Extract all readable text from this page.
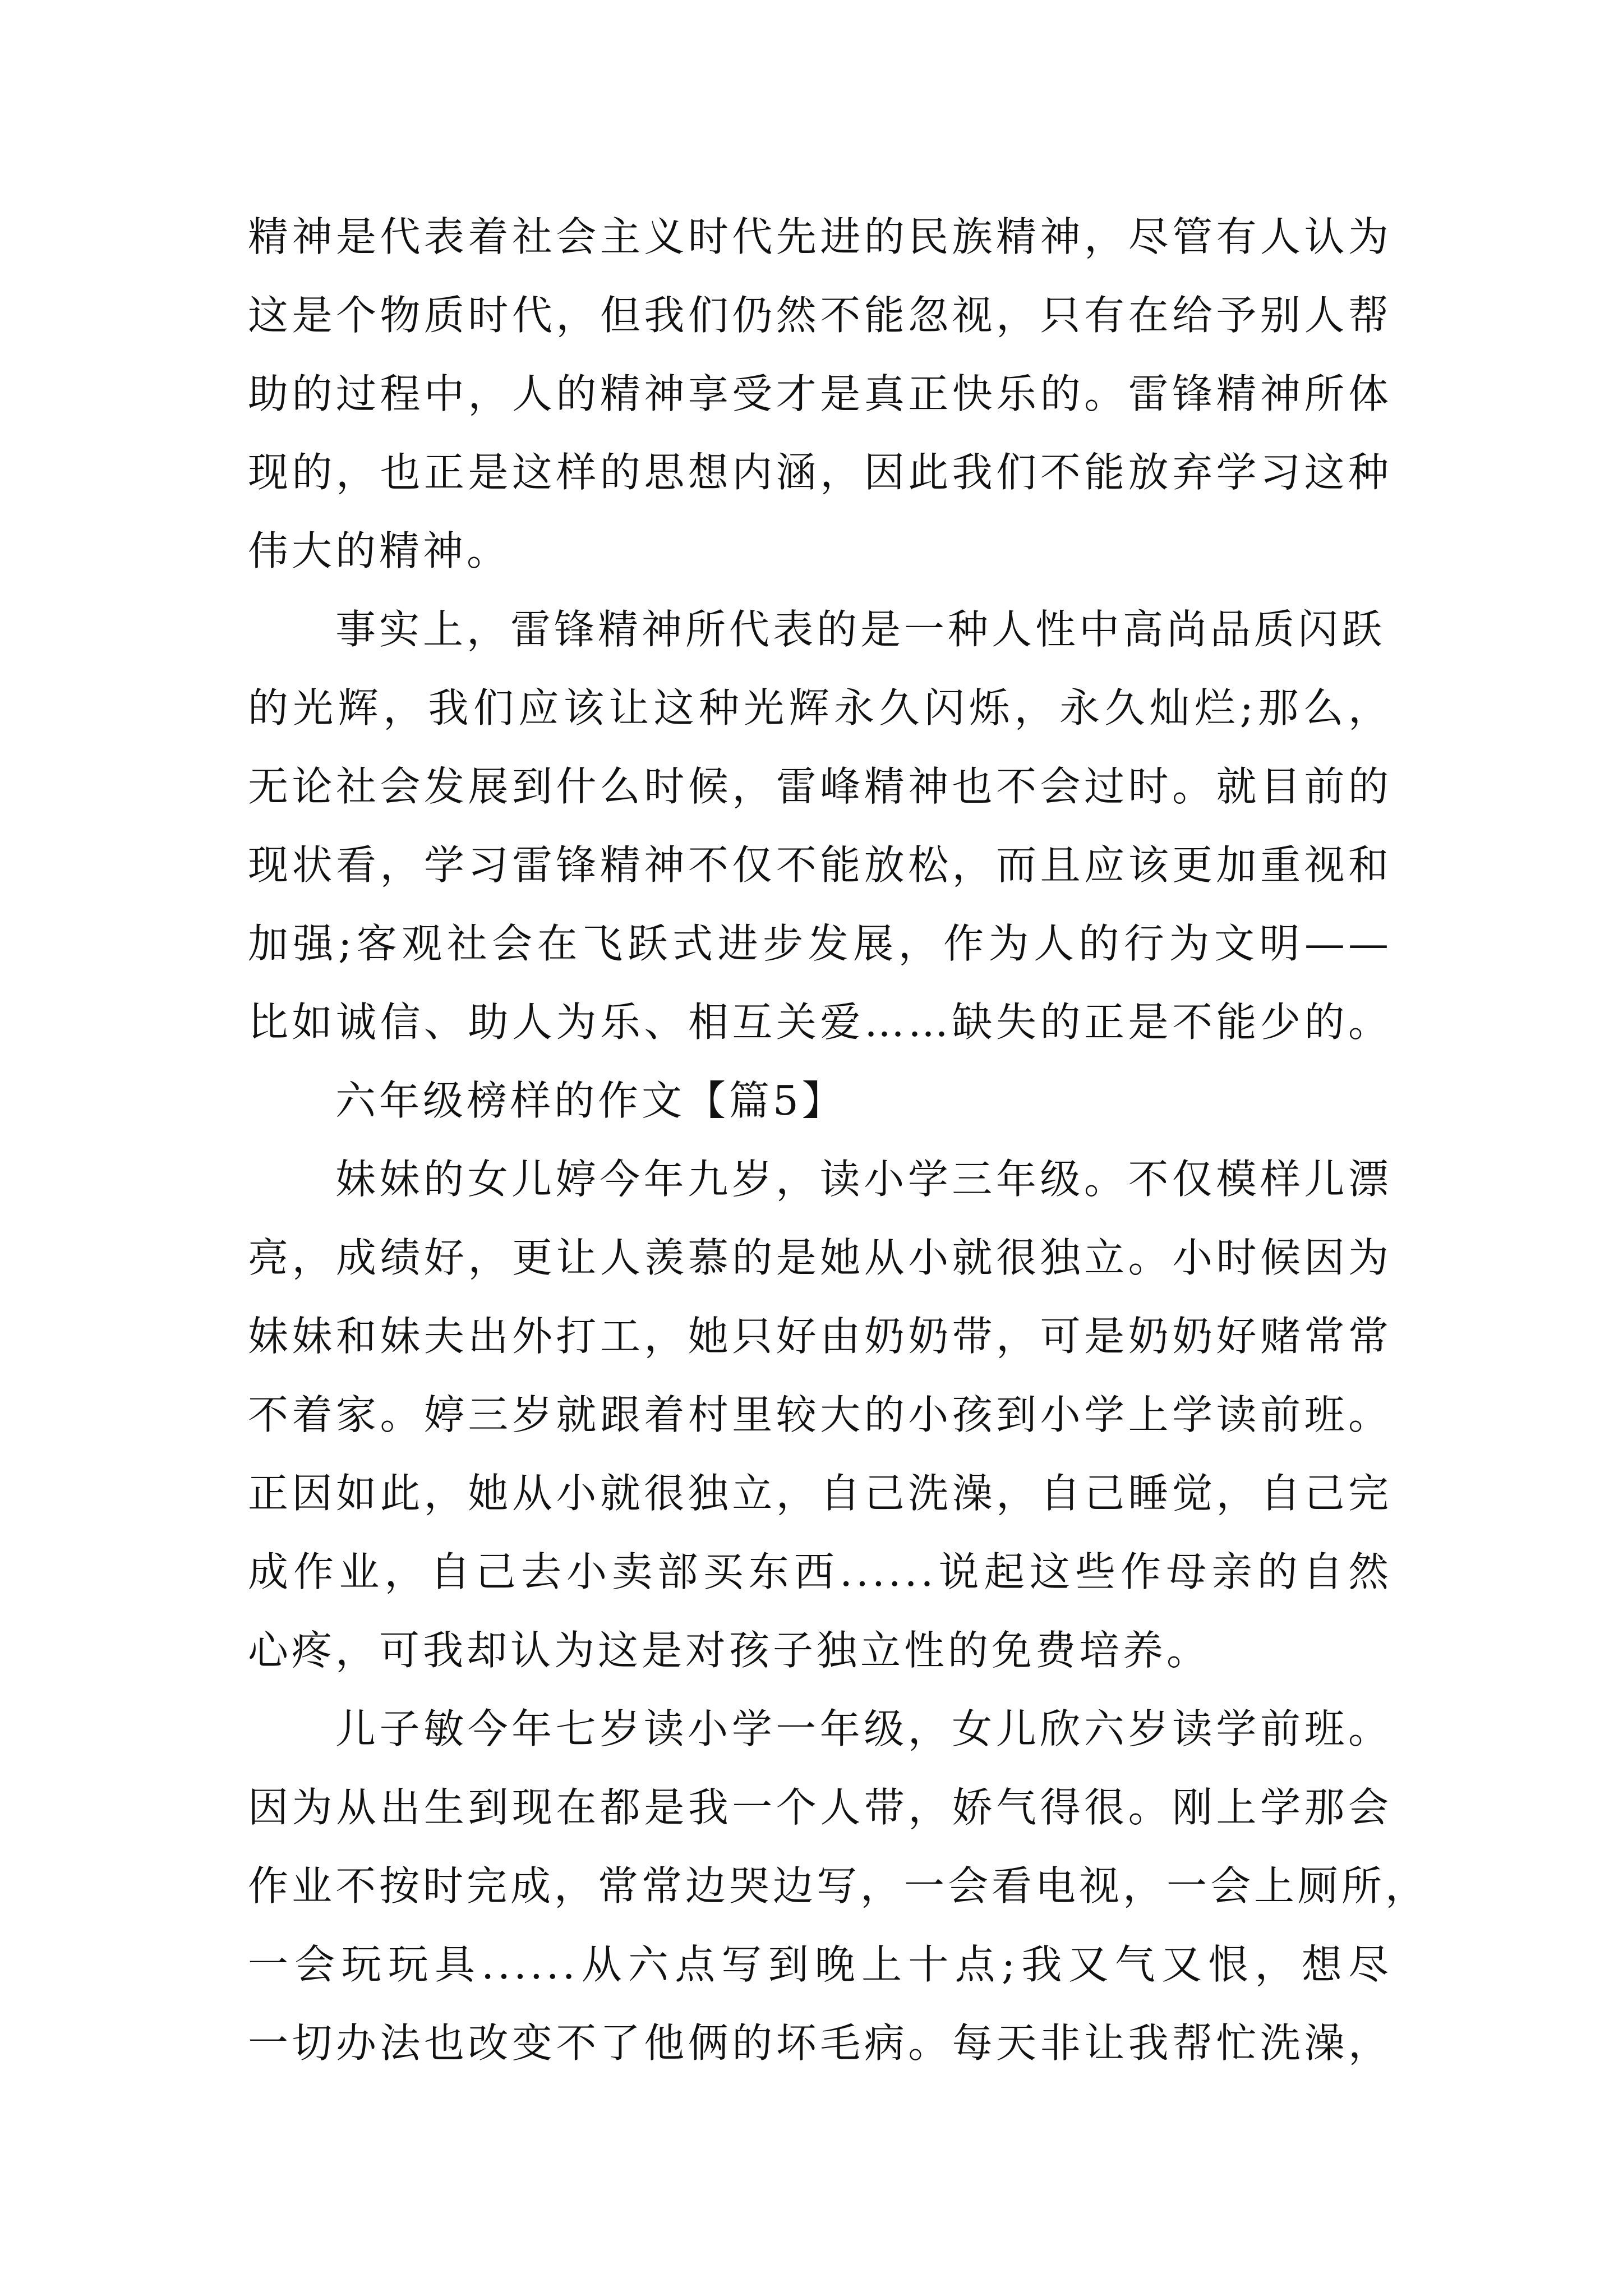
精神是代表着社会主义时代先进的民族精神，尽管有人认为
这是个物质时代，但我们仍然不能忽视，只有在给予别人帮
助的过程中，人的精神享受才是真正快乐的。雷锋精神所体
现的，也正是这样的思想内涵，因此我们不能放弃学习这种
伟大的精神。
事实上，雷锋精神所代表的是一种人性中高尚品质闪跃
的光辉，我们应该让这种光辉永久闪烁，永久灿烂;那么，
无论社会发展到什么时候，雷峰精神也不会过时。就目前的
现状看，学习雷锋精神不仅不能放松，而且应该更加重视和
加强;客观社会在飞跃式进步发展，作为人的行为文明——
比如诚信、助人为乐、相互关爱……缺失的正是不能少的。
六年级榜样的作文【篇5】
妹妹的女儿婷今年九岁，读小学三年级。不仅模样儿漂
亮，成绩好，更让人羡慕的是她从小就很独立。小时候因为
妹妹和妹夫出外打工，她只好由奶奶带，可是奶奶好赌常常
不着家。婷三岁就跟着村里较大的小孩到小学上学读前班。
正因如此，她从小就很独立，自己洗澡，自己睡觉，自己完
成作业，自己去小卖部买东西......说起这些作母亲的自然
心疼，可我却认为这是对孩子独立性的免费培养。
儿子敏今年七岁读小学一年级，女儿欣六岁读学前班。
因为从出生到现在都是我一个人带，娇气得很。刚上学那会
作业不按时完成，常常边哭边写，一会看电视，一会上厕所，
一会玩玩具......从六点写到晚上十点;我又气又恨，想尽
一切办法也改变不了他俩的坏毛病。每天非让我帮忙洗澡，
